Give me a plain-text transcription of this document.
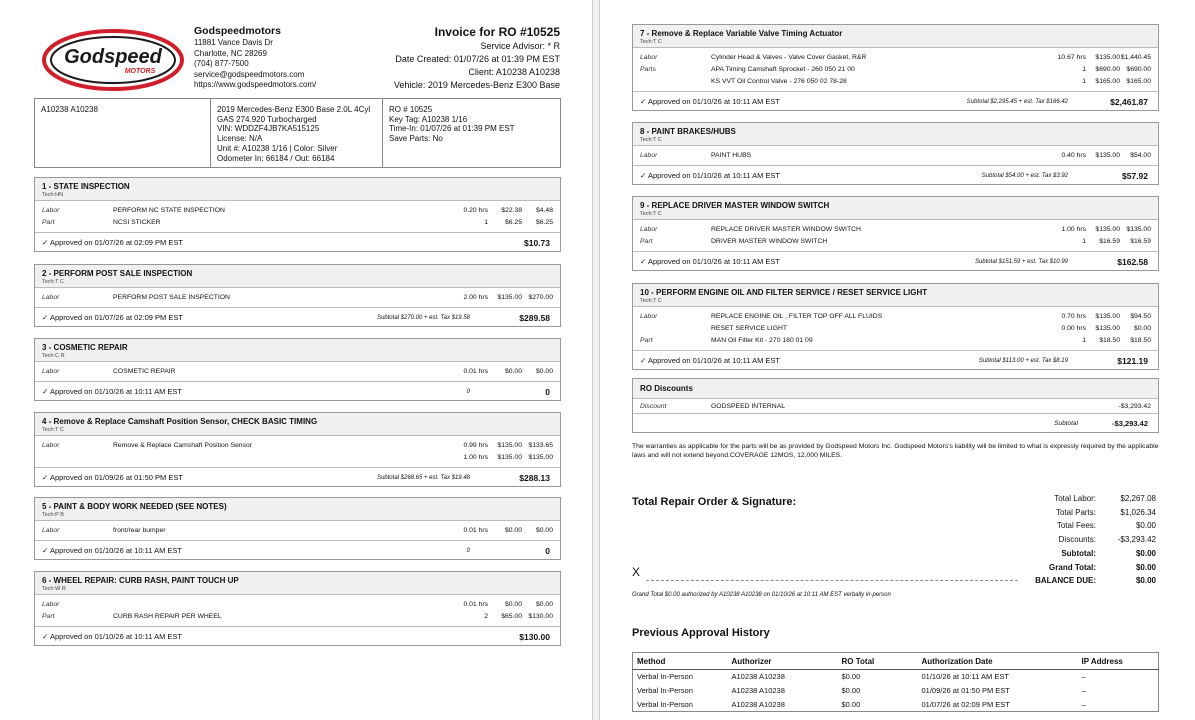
Godspeed
MOTORS
Godspeedmotors
11881 Vance Davis Dr
Charlotte, NC 28269
(704) 877-7500
service@godspeedmotors.com
https://www.godspeedmotors.com/
Invoice for RO #10525
Service Advisor: * R
Date Created: 01/07/26 at 01:39 PM EST
Client: A10238 A10238
Vehicle: 2019 Mercedes-Benz E300 Base
A10238 A10238	2019 Mercedes-Benz E300 Base 2.0L 4Cyl
GAS 274.920 Turbocharged
VIN: WDDZF4JB7KA515125
License: N/A
Unit #: A10238 1/16 | Color: Silver
Odometer In: 66184 / Out: 66184
RO # 10525
Key Tag: A10238 1/16
Time-In: 01/07/26 at 01:39 PM EST
Save Parts: No
1 - STATE INSPECTION
Tech:HN
Labor	PERFORM NC STATE INSPECTION	0.20 hrs	$22.38	$4.48
Part	NCSI STICKER	1	$6.25	$6.25
✓ Approved on 01/07/26 at 02:09 PM EST	$10.73
2 - PERFORM POST SALE INSPECTION
Tech:T C
Labor	PERFORM POST SALE INSPECTION	2.00 hrs	$135.00 $270.00
✓ Approved on 01/07/26 at 02:09 PM EST	Subtotal $270.00 + est. Tax $19.58	$289.58
3 - COSMETIC REPAIR
Tech:C R
Labor	COSMETIC REPAIR	0.01 hrs	$0.00	$0.00
✓ Approved on 01/10/26 at 10:11 AM EST	0	0
4 - Remove & Replace Camshaft Position Sensor, CHECK BASIC TIMING
Tech:T C
Labor	Remove & Replace Camshaft Position Sensor	0.99 hrs	$135.00 $133.65
1.00 hrs	$135.00 $135.00
✓ Approved on 01/09/26 at 01:50 PM EST	Subtotal $268.65 + est. Tax $19.48	$288.13
5 - PAINT & BODY WORK NEEDED (SEE NOTES)
Tech:P B
Labor	front/rear bumper	0.01 hrs	$0.00	$0.00
✓ Approved on 01/10/26 at 10:11 AM EST	0	0
6 - WHEEL REPAIR: CURB RASH, PAINT TOUCH UP
Tech:W R
Labor	0.01 hrs	$0.00	$0.00
Part	CURB RASH REPAIR PER WHEEL	2	$65.00 $130.00
✓ Approved on 01/10/26 at 10:11 AM EST	$130.00
7 - Remove & Replace Variable Valve Timing Actuator
Tech:T C
Labor	Cylinder Head & Valves - Valve Cover Gasket, R&R	10.67 hrs	$135.00 $1,440.45
Parts	APA Timing Camshaft Sprocket - 260 050 21 00	1	$690.00 $690.00
KS VVT Oil Control Valve - 276 050 02 78-28	1	$165.00 $165.00
✓ Approved on 01/10/26 at 10:11 AM EST	Subtotal $2,295.45 + est. Tax $166.42	$2,461.87
8 - PAINT BRAKES/HUBS
Tech:T C
Labor	PAINT HUBS	0.40 hrs	$135.00	$54.00
✓ Approved on 01/10/26 at 10:11 AM EST	Subtotal $54.00 + est. Tax $3.92	$57.92
9 - REPLACE DRIVER MASTER WINDOW SWITCH
Tech:T C
Labor	REPLACE DRIVER MASTER WINDOW SWITCH	1.00 hrs	$135.00 $135.00
Part	DRIVER MASTER WINDOW SWITCH	1	$16.59	$16.59
✓ Approved on 01/10/26 at 10:11 AM EST	Subtotal $151.59 + est. Tax $10.99	$162.58
10 - PERFORM ENGINE OIL AND FILTER SERVICE / RESET SERVICE LIGHT
Tech:T C
Labor	REPLACE ENGINE OIL , FILTER TOP OFF ALL FLUIDS	0.70 hrs	$135.00	$94.50
RESET SERVICE LIGHT	0.00 hrs	$135.00	$0.00
Part	MAN Oil Filter Kit - 270 180 01 09	1	$18.50	$18.50
✓ Approved on 01/10/26 at 10:11 AM EST	Subtotal $113.00 + est. Tax $8.19	$121.19
RO Discounts
Discount	GODSPEED INTERNAL	-$3,293.42
Subtotal	-$3,293.42
The warranties as applicable for the parts will be as provided by Godspeed Motors Inc. Godspeed Motors's liability will be limited to what is expressly required by the applicable laws and will not extend beyond.COVERAGE 12MOS, 12,000 MILES.
Total Repair Order & Signature:	Total Labor:	$2,267.08
Total Parts:	$1,026.34
Total Fees:	$0.00
Discounts:	-$3,293.42
Subtotal:	$0.00
Grand Total:	$0.00
BALANCE DUE:	$0.00
X
Grand Total $0.00 authorized by A10238 A10238 on 01/10/26 at 10:11 AM EST verbally in-person
Previous Approval History
Method	Authorizer	RO Total	Authorization Date	IP Address
Verbal In-Person	A10238 A10238	$0.00	01/10/26 at 10:11 AM EST	–
Verbal In-Person	A10238 A10238	$0.00	01/09/26 at 01:50 PM EST	–
Verbal In-Person	A10238 A10238	$0.00	01/07/26 at 02:09 PM EST	–
